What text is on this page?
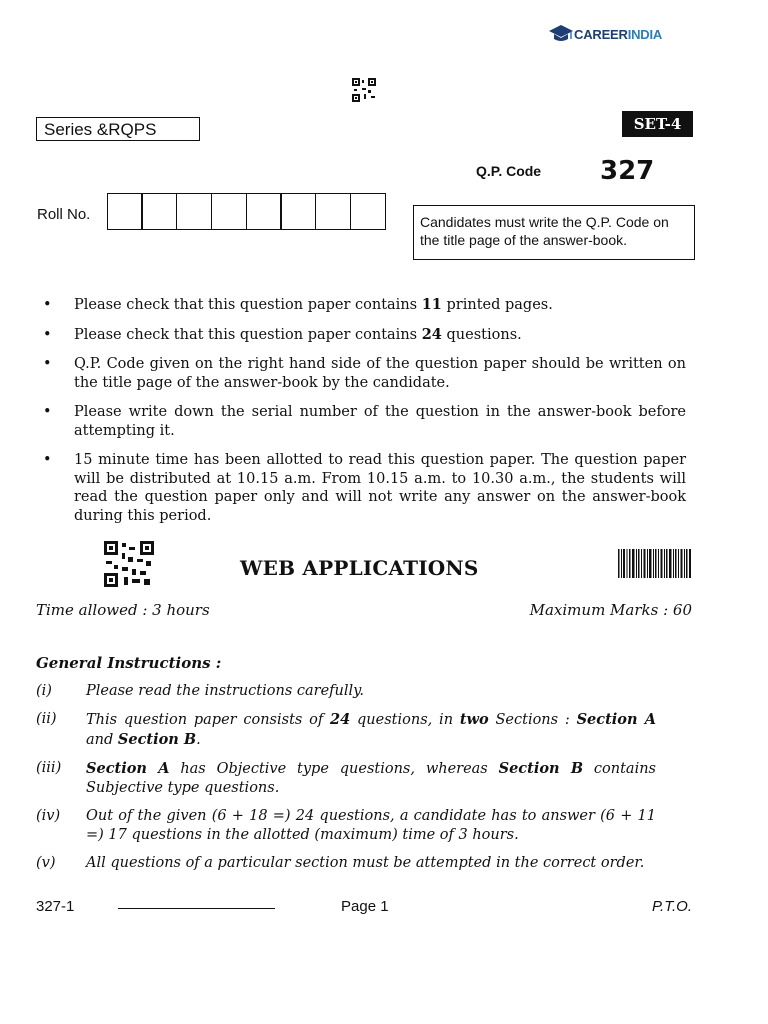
CAREERINDIA
Series &RQPS	SET-4
Q.P. Code 327
Roll No.	Candidates must write the Q.P. Code on the title page of the answer-book.
• Please check that this question paper contains 11 printed pages.
• Please check that this question paper contains 24 questions.
• Q.P. Code given on the right hand side of the question paper should be written on the title page of the answer-book by the candidate.
• Please write down the serial number of the question in the answer-book before attempting it.
• 15 minute time has been allotted to read this question paper. The question paper will be distributed at 10.15 a.m. From 10.15 a.m. to 10.30 a.m., the students will read the question paper only and will not write any answer on the answer-book during this period.
WEB APPLICATIONS
Time allowed : 3 hours	Maximum Marks : 60
General Instructions :
(i) Please read the instructions carefully.
(ii) This question paper consists of 24 questions, in two Sections : Section A and Section B.
(iii) Section A has Objective type questions, whereas Section B contains Subjective type questions.
(iv) Out of the given (6 + 18 =) 24 questions, a candidate has to answer (6 + 11 =) 17 questions in the allotted (maximum) time of 3 hours.
(v) All questions of a particular section must be attempted in the correct order.
327-1	Page 1	P.T.O.
